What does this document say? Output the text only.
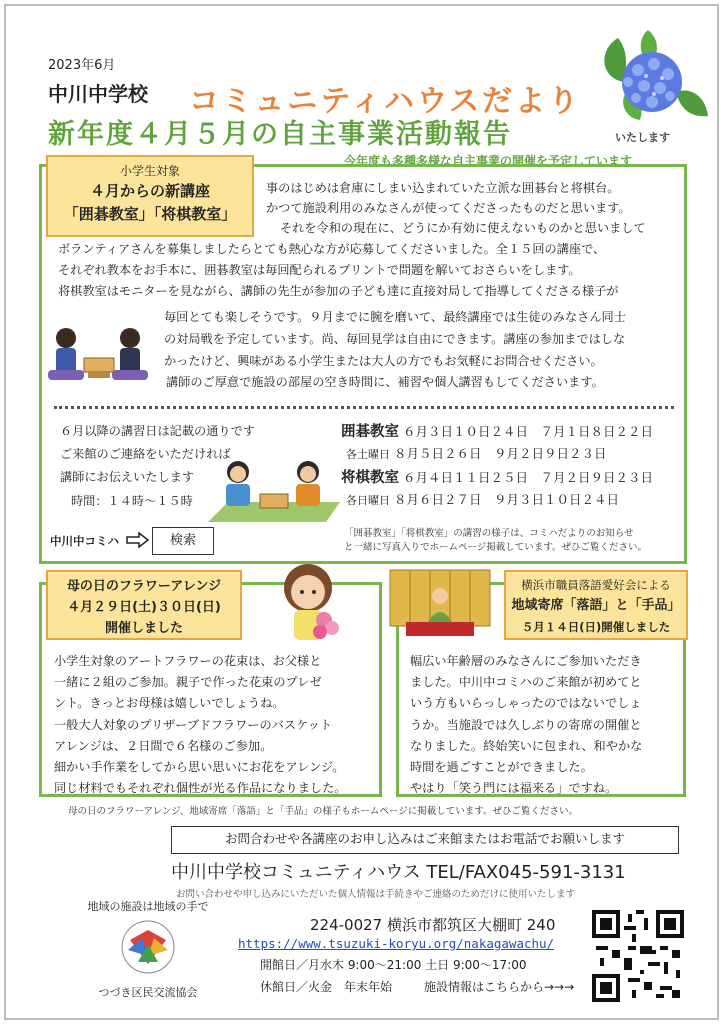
2023年6月
中川中学校 コミュニティハウスだより
新年度４月５月の自主事業活動報告	いたします
今年度も多種多様な自主事業の開催を予定しています
小学生対象
４月からの新講座
「囲碁教室」「将棋教室」
事のはじめは倉庫にしまい込まれていた立派な囲碁台と将棋台。
かつて施設利用のみなさんが使ってくださったものだと思います。
それを令和の現在に、どうにか有効に使えないものかと思いまして
ボランティアさんを募集しましたらとても熱心な方が応募してくださいました。全１５回の講座で、
それぞれ教本をお手本に、囲碁教室は毎回配られるプリントで問題を解いておさらいをします。
将棋教室はモニターを見ながら、講師の先生が参加の子ども達に直接対局して指導してくださる様子が
毎回とても楽しそうです。９月までに腕を磨いて、最終講座では生徒のみなさん同士
の対局戦を予定しています。尚、毎回見学は自由にできます。講座の参加まではしな
かったけど、興味がある小学生または大人の方でもお気軽にお問合せください。
講師のご厚意で施設の部屋の空き時間に、補習や個人講習もしてくださいます。
６月以降の講習日は記載の通りです
ご来館のご連絡をいただければ
講師にお伝えいたします
時間：１４時～１５時
囲碁教室 ６月３日１０日２４日　７月１日８日２２日
各土曜日 ８月５日２６日　９月２日９日２３日
将棋教室 ６月４日１１日２５日　７月２日９日２３日
各日曜日 ８月６日２７日　９月３日１０日２４日
中川中コミハ	検索	「囲碁教室」「将棋教室」の講習の様子は、コミハだよりのお知らせ
と一緒に写真入りでホームページ掲載しています。ぜひご覧ください。
母の日のフラワーアレンジ
４月２９日(土)３０日(日)
開催しました
小学生対象のアートフラワーの花束は、お父様と
一緒に２組のご参加。親子で作った花束のプレゼ
ント。きっとお母様は嬉しいでしょうね。
一般大人対象のプリザーブドフラワーのバスケット
アレンジは、２日間で６名様のご参加。
細かい手作業をしてから思い思いにお花をアレンジ。
同じ材料でもそれぞれ個性が光る作品になりました。
横浜市職員落語愛好会による
地域寄席「落語」と「手品」
５月１４日(日)開催しました
幅広い年齢層のみなさんにご参加いただき
ました。中川中コミハのご来館が初めてと
いう方もいらっしゃったのではないでしょ
うか。当施設では久しぶりの寄席の開催と
なりました。終始笑いに包まれ、和やかな
時間を過ごすことができました。
やはり「笑う門には福来る」ですね。
母の日のフラワーアレンジ、地域寄席「落語」と「手品」の様子もホームページに掲載しています。ぜひご覧ください。
お問合わせや各講座のお申し込みはご来館またはお電話でお願いします
中川中学校コミュニティハウス TEL/FAX045-591-3131
お問い合わせや申し込みにいただいた個人情報は手続きやご連絡のためだけに使用いたします
地域の施設は地域の手で
つづき区民交流協会
224-0027 横浜市都筑区大棚町 240
https://www.tsuzuki-koryu.org/nakagawachu/
開館日／月水木 9:00～21:00 土日 9:00～17:00
休館日／火金　年末年始	施設情報はこちらから→→→
